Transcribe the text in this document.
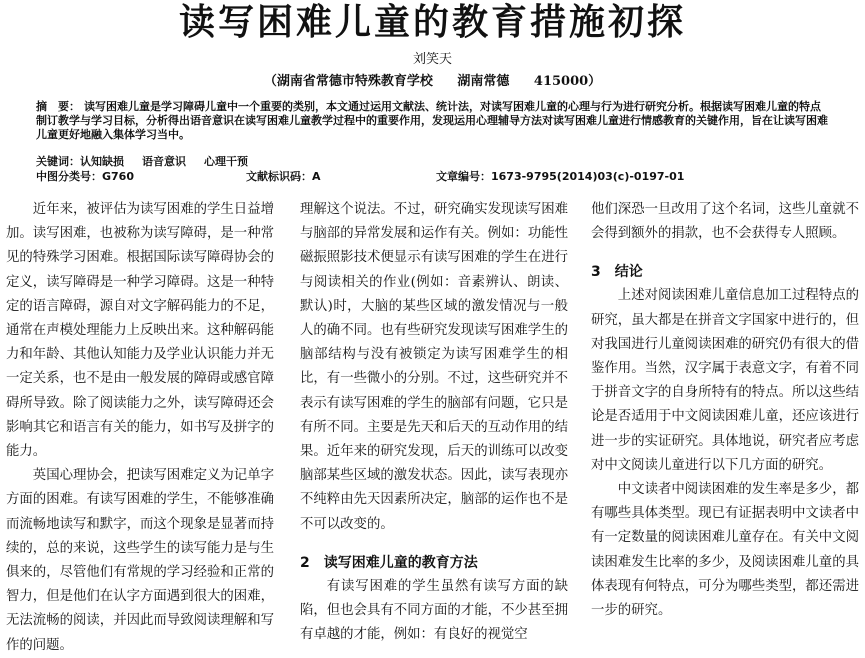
读写困难儿童的教育措施初探
刘笑天
（湖南省常德市特殊教育学校 湖南常德 415000）
摘　要： 读写困难儿童是学习障碍儿童中一个重要的类别，本文通过运用文献法、统计法，对读写困难儿童的心理与行为进行研究分析。根据读写困难儿童的特点制订教学与学习目标，分析得出语音意识在读写困难儿童教学过程中的重要作用，发现运用心理辅导方法对读写困难儿童进行情感教育的关键作用，旨在让读写困难儿童更好地融入集体学习当中。
关键词：认知缺损 语音意识 心理干预
中图分类号：G760	文献标识码：A	文章编号：1673-9795(2014)03(c)-0197-01

近年来，被评估为读写困难的学生日益增加。读写困难，也被称为读写障碍，是一种常见的特殊学习困难。根据国际读写障碍协会的定义，读写障碍是一种学习障碍。这是一种特定的语言障碍，源自对文字解码能力的不足，通常在声模处理能力上反映出来。这种解码能力和年龄、其他认知能力及学业认识能力并无一定关系，也不是由一般发展的障碍或感官障碍所导致。除了阅读能力之外，读写障碍还会影响其它和语言有关的能力，如书写及拼字的能力。

英国心理协会，把读写困难定义为记单字方面的困难。有读写困难的学生，不能够准确而流畅地读写和默字，而这个现象是显著而持续的，总的来说，这些学生的读写能力是与生俱来的，尽管他们有常规的学习经验和正常的智力，但是他们在认字方面遇到很大的困难，无法流畅的阅读，并因此而导致阅读理解和写作的问题。

理解这个说法。不过，研究确实发现读写困难与脑部的异常发展和运作有关。例如：功能性磁振照影技术便显示有读写困难的学生在进行与阅读相关的作业(例如：音素辨认、朗读、默认)时，大脑的某些区域的激发情况与一般人的确不同。也有些研究发现读写困难学生的脑部结构与没有被锁定为读写困难学生的相比，有一些微小的分别。不过，这些研究并不表示有读写困难的学生的脑部有问题，它只是有所不同。主要是先天和后天的互动作用的结果。近年来的研究发现，后天的训练可以改变脑部某些区域的激发状态。因此，读写表现亦不纯粹由先天因素所决定，脑部的运作也不是不可以改变的。

2　读写困难儿童的教育方法

有读写困难的学生虽然有读写方面的缺陷，但也会具有不同方面的才能，不少甚至拥有卓越的才能，例如：有良好的视觉空

他们深恐一旦改用了这个名词，这些儿童就不会得到额外的捐款，也不会获得专人照顾。

3　结论

上述对阅读困难儿童信息加工过程特点的研究，虽大都是在拼音文字国家中进行的，但对我国进行儿童阅读困难的研究仍有很大的借鉴作用。当然，汉字属于表意文字，有着不同于拼音文字的自身所特有的特点。所以这些结论是否适用于中文阅读困难儿童，还应该进行进一步的实证研究。具体地说，研究者应考虑对中文阅读儿童进行以下几方面的研究。

中文读者中阅读困难的发生率是多少，都有哪些具体类型。现已有证据表明中文读者中有一定数量的阅读困难儿童存在。有关中文阅读困难发生比率的多少，及阅读困难儿童的具体表现有何特点，可分为哪些类型，都还需进一步的研究。
